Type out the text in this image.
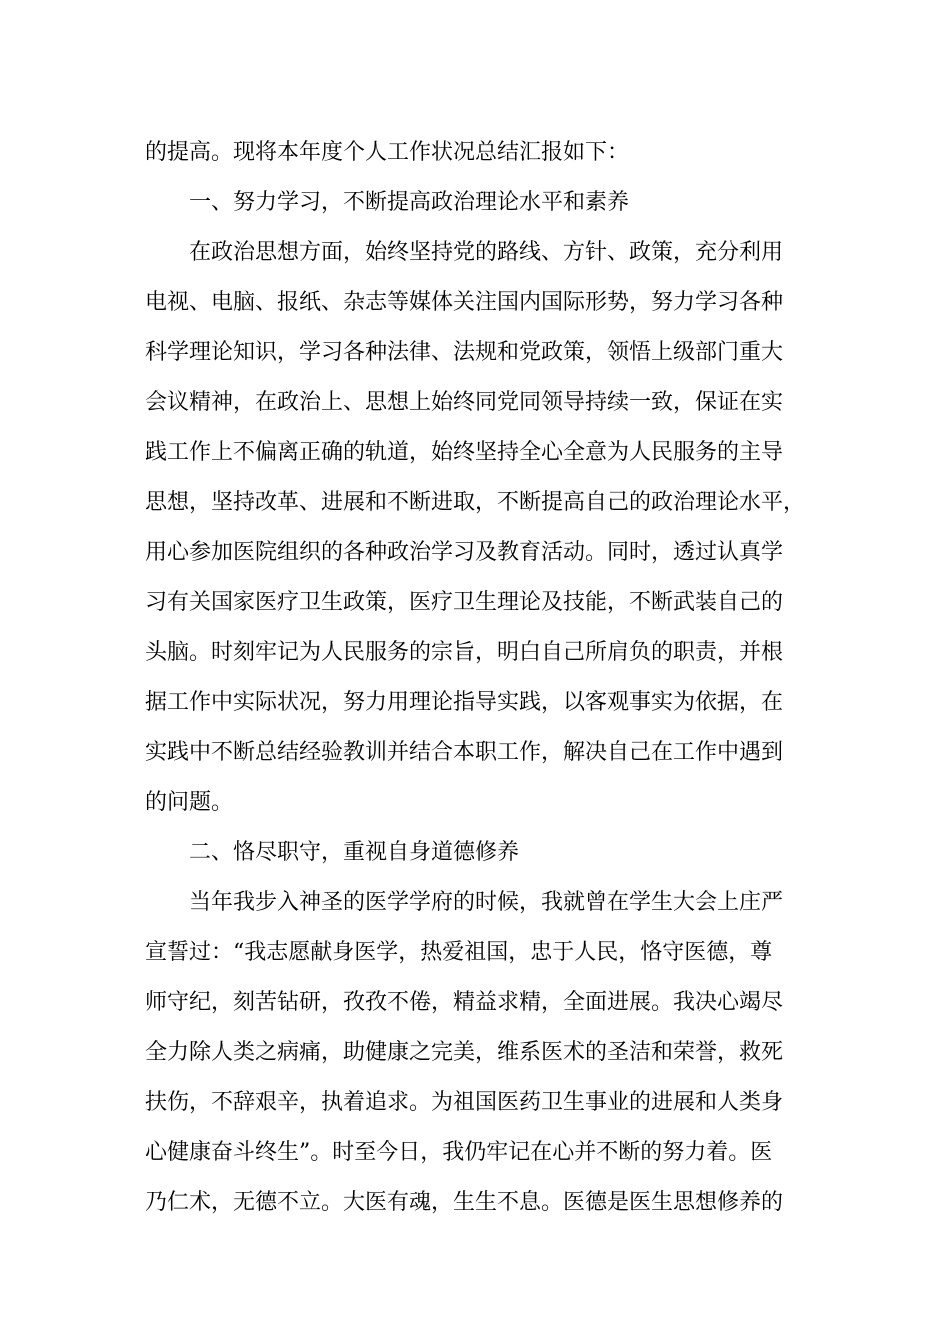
的提高。现将本年度个人工作状况总结汇报如下：
一、努力学习，不断提高政治理论水平和素养
在政治思想方面，始终坚持党的路线、方针、政策，充分利用
电视、电脑、报纸、杂志等媒体关注国内国际形势，努力学习各种
科学理论知识，学习各种法律、法规和党政策，领悟上级部门重大
会议精神，在政治上、思想上始终同党同领导持续一致，保证在实
践工作上不偏离正确的轨道，始终坚持全心全意为人民服务的主导
思想，坚持改革、进展和不断进取，不断提高自己的政治理论水平，
用心参加医院组织的各种政治学习及教育活动。同时，透过认真学
习有关国家医疗卫生政策，医疗卫生理论及技能，不断武装自己的
头脑。时刻牢记为人民服务的宗旨，明白自己所肩负的职责，并根
据工作中实际状况，努力用理论指导实践，以客观事实为依据，在
实践中不断总结经验教训并结合本职工作，解决自己在工作中遇到
的问题。
二、恪尽职守，重视自身道德修养
当年我步入神圣的医学学府的时候，我就曾在学生大会上庄严
宣誓过：“我志愿献身医学，热爱祖国，忠于人民，恪守医德，尊
师守纪，刻苦钻研，孜孜不倦，精益求精，全面进展。我决心竭尽
全力除人类之病痛，助健康之完美，维系医术的圣洁和荣誉，救死
扶伤，不辞艰辛，执着追求。为祖国医药卫生事业的进展和人类身
心健康奋斗终生”。时至今日，我仍牢记在心并不断的努力着。医
乃仁术，无德不立。大医有魂，生生不息。医德是医生思想修养的
